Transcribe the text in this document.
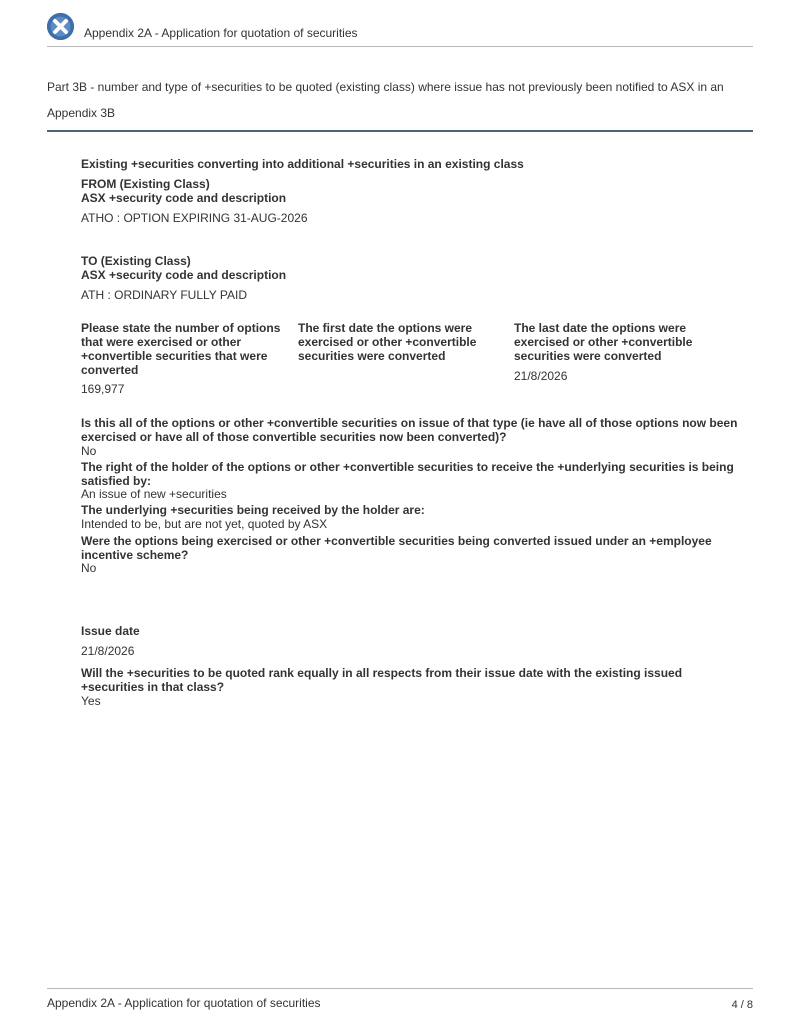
Appendix 2A - Application for quotation of securities
Part 3B - number and type of +securities to be quoted (existing class) where issue has not previously been notified to ASX in an
Appendix 3B
Existing +securities converting into additional +securities in an existing class
FROM (Existing Class)
ASX +security code and description
ATHO : OPTION EXPIRING 31-AUG-2026
TO (Existing Class)
ASX +security code and description
ATH : ORDINARY FULLY PAID
Please state the number of options
that were exercised or other
+convertible securities that were
converted
169,977
The first date the options were
exercised or other +convertible
securities were converted
The last date the options were
exercised or other +convertible
securities were converted
21/8/2026
Is this all of the options or other +convertible securities on issue of that type (ie have all of those options now been
exercised or have all of those convertible securities now been converted)?
No
The right of the holder of the options or other +convertible securities to receive the +underlying securities is being
satisfied by:
An issue of new +securities
The underlying +securities being received by the holder are:
Intended to be, but are not yet, quoted by ASX
Were the options being exercised or other +convertible securities being converted issued under an +employee
incentive scheme?
No
Issue date
21/8/2026
Will the +securities to be quoted rank equally in all respects from their issue date with the existing issued
+securities in that class?
Yes
Appendix 2A - Application for quotation of securities	4 / 8
